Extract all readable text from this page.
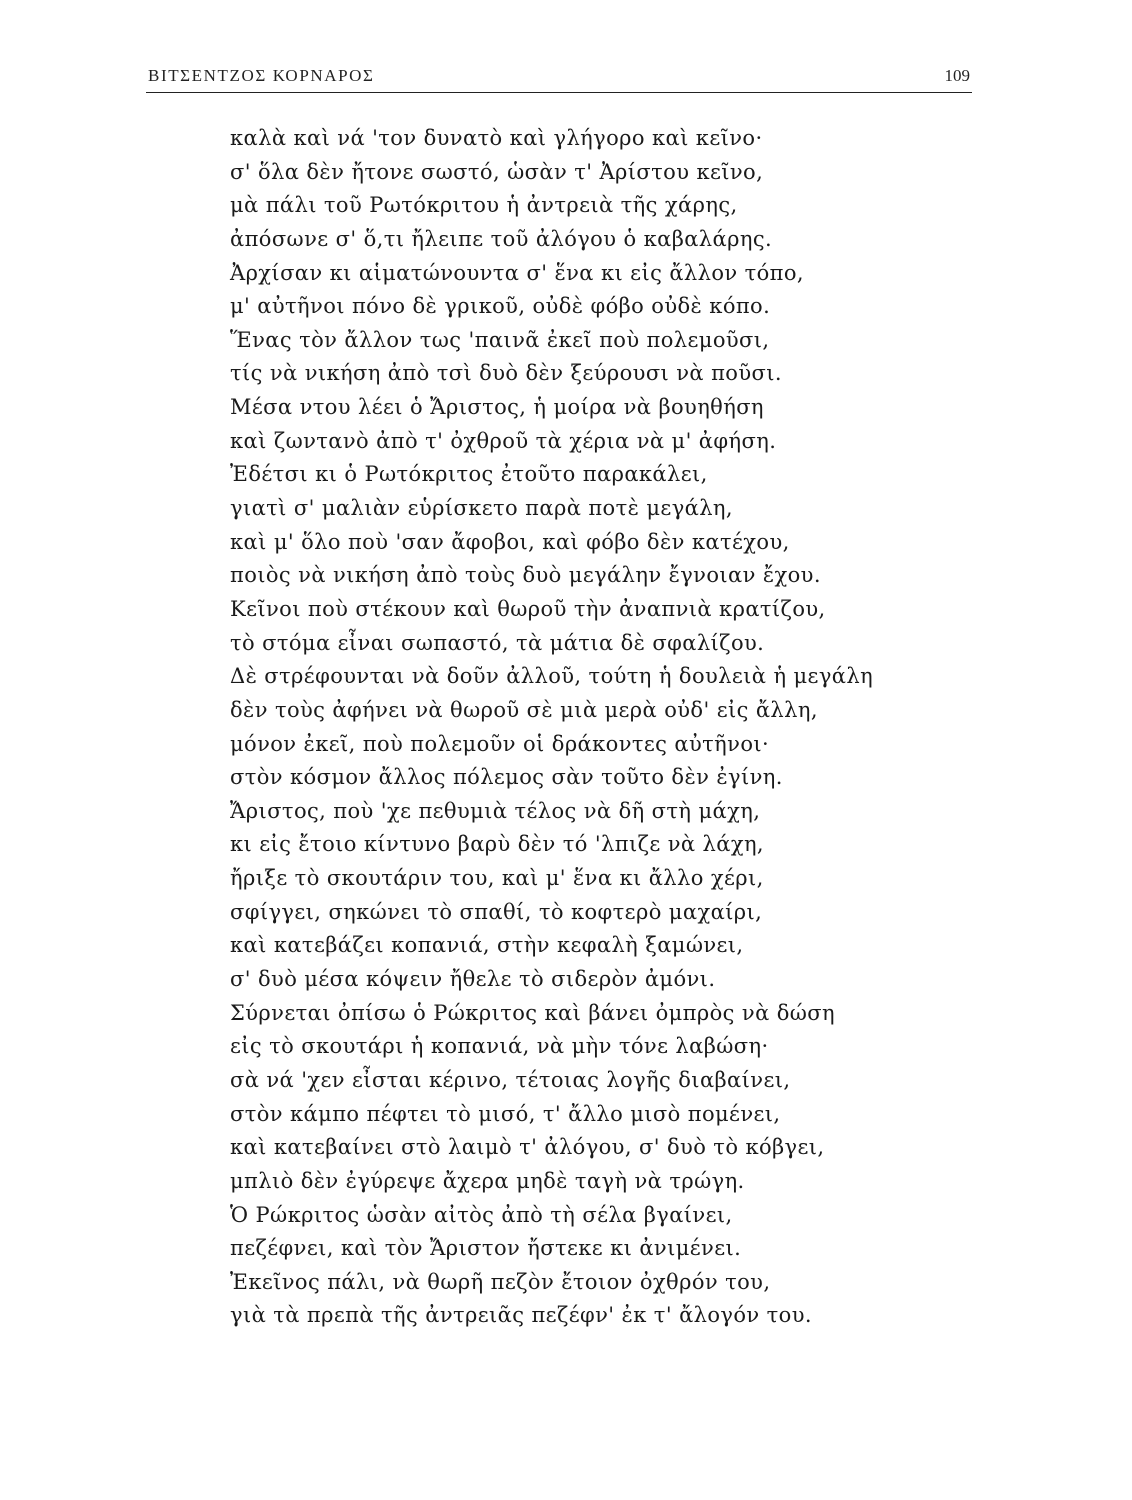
ΒΙΤΣΕΝΤΖΟΣ ΚΟΡΝΑΡΟΣ	109
καλὰ καὶ νά 'τον δυνατὸ καὶ γλήγορο καὶ κεῖνο·
σ' ὅλα δὲν ἤτονε σωστό, ὡσὰν τ' Ἀρίστου κεῖνο,
μὰ πάλι τοῦ Ρωτόκριτου ἡ ἀντρειὰ τῆς χάρης,
ἀπόσωνε σ' ὅ,τι ἤλειπε τοῦ ἀλόγου ὁ καβαλάρης.
Ἀρχίσαν κι αἱματώνουντα σ' ἕνα κι εἰς ἄλλον τόπο,
μ' αὐτῆνοι πόνο δὲ γρικοῦ, οὐδὲ φόβο οὐδὲ κόπο.
Ἕνας τὸν ἄλλον τως 'παινᾶ ἐκεῖ ποὺ πολεμοῦσι,
τίς νὰ νικήση ἀπὸ τσὶ δυὸ δὲν ξεύρουσι νὰ ποῦσι.
Μέσα ντου λέει ὁ Ἄριστος, ἡ μοίρα νὰ βουηθήση
καὶ ζωντανὸ ἀπὸ τ' ὀχθροῦ τὰ χέρια νὰ μ' ἀφήση.
Ἐδέτσι κι ὁ Ρωτόκριτος ἐτοῦτο παρακάλει,
γιατὶ σ' μαλιὰν εὑρίσκετο παρὰ ποτὲ μεγάλη,
καὶ μ' ὅλο ποὺ 'σαν ἄφοβοι, καὶ φόβο δὲν κατέχου,
ποιὸς νὰ νικήση ἀπὸ τοὺς δυὸ μεγάλην ἔγνοιαν ἔχου.
Κεῖνοι ποὺ στέκουν καὶ θωροῦ τὴν ἀναπνιὰ κρατίζου,
τὸ στόμα εἶναι σωπαστό, τὰ μάτια δὲ σφαλίζου.
Δὲ στρέφουνται νὰ δοῦν ἀλλοῦ, τούτη ἡ δουλειὰ ἡ μεγάλη
δὲν τοὺς ἀφήνει νὰ θωροῦ σὲ μιὰ μερὰ οὐδ' εἰς ἄλλη,
μόνον ἐκεῖ, ποὺ πολεμοῦν οἱ δράκοντες αὐτῆνοι·
στὸν κόσμον ἄλλος πόλεμος σὰν τοῦτο δὲν ἐγίνη.
Ἄριστος, ποὺ 'χε πεθυμιὰ τέλος νὰ δῆ στὴ μάχη,
κι εἰς ἔτοιο κίντυνο βαρὺ δὲν τό 'λπιζε νὰ λάχη,
ἤριξε τὸ σκουτάριν του, καὶ μ' ἕνα κι ἄλλο χέρι,
σφίγγει, σηκώνει τὸ σπαθί, τὸ κοφτερὸ μαχαίρι,
καὶ κατεβάζει κοπανιά, στὴν κεφαλὴ ξαμώνει,
σ' δυὸ μέσα κόψειν ἤθελε τὸ σιδερὸν ἀμόνι.
Σύρνεται ὀπίσω ὁ Ρώκριτος καὶ βάνει ὀμπρὸς νὰ δώση
εἰς τὸ σκουτάρι ἡ κοπανιά, νὰ μὴν τόνε λαβώση·
σὰ νά 'χεν εἶσται κέρινο, τέτοιας λογῆς διαβαίνει,
στὸν κάμπο πέφτει τὸ μισό, τ' ἄλλο μισὸ πομένει,
καὶ κατεβαίνει στὸ λαιμὸ τ' ἀλόγου, σ' δυὸ τὸ κόβγει,
μπλιὸ δὲν ἐγύρεψε ἄχερα μηδὲ ταγὴ νὰ τρώγη.
Ὁ Ρώκριτος ὡσὰν αἰτὸς ἀπὸ τὴ σέλα βγαίνει,
πεζέφνει, καὶ τὸν Ἄριστον ἤστεκε κι ἀνιμένει.
Ἐκεῖνος πάλι, νὰ θωρῆ πεζὸν ἔτοιον ὀχθρόν του,
γιὰ τὰ πρεπὰ τῆς ἀντρειᾶς πεζέφν' ἐκ τ' ἄλογόν του.
